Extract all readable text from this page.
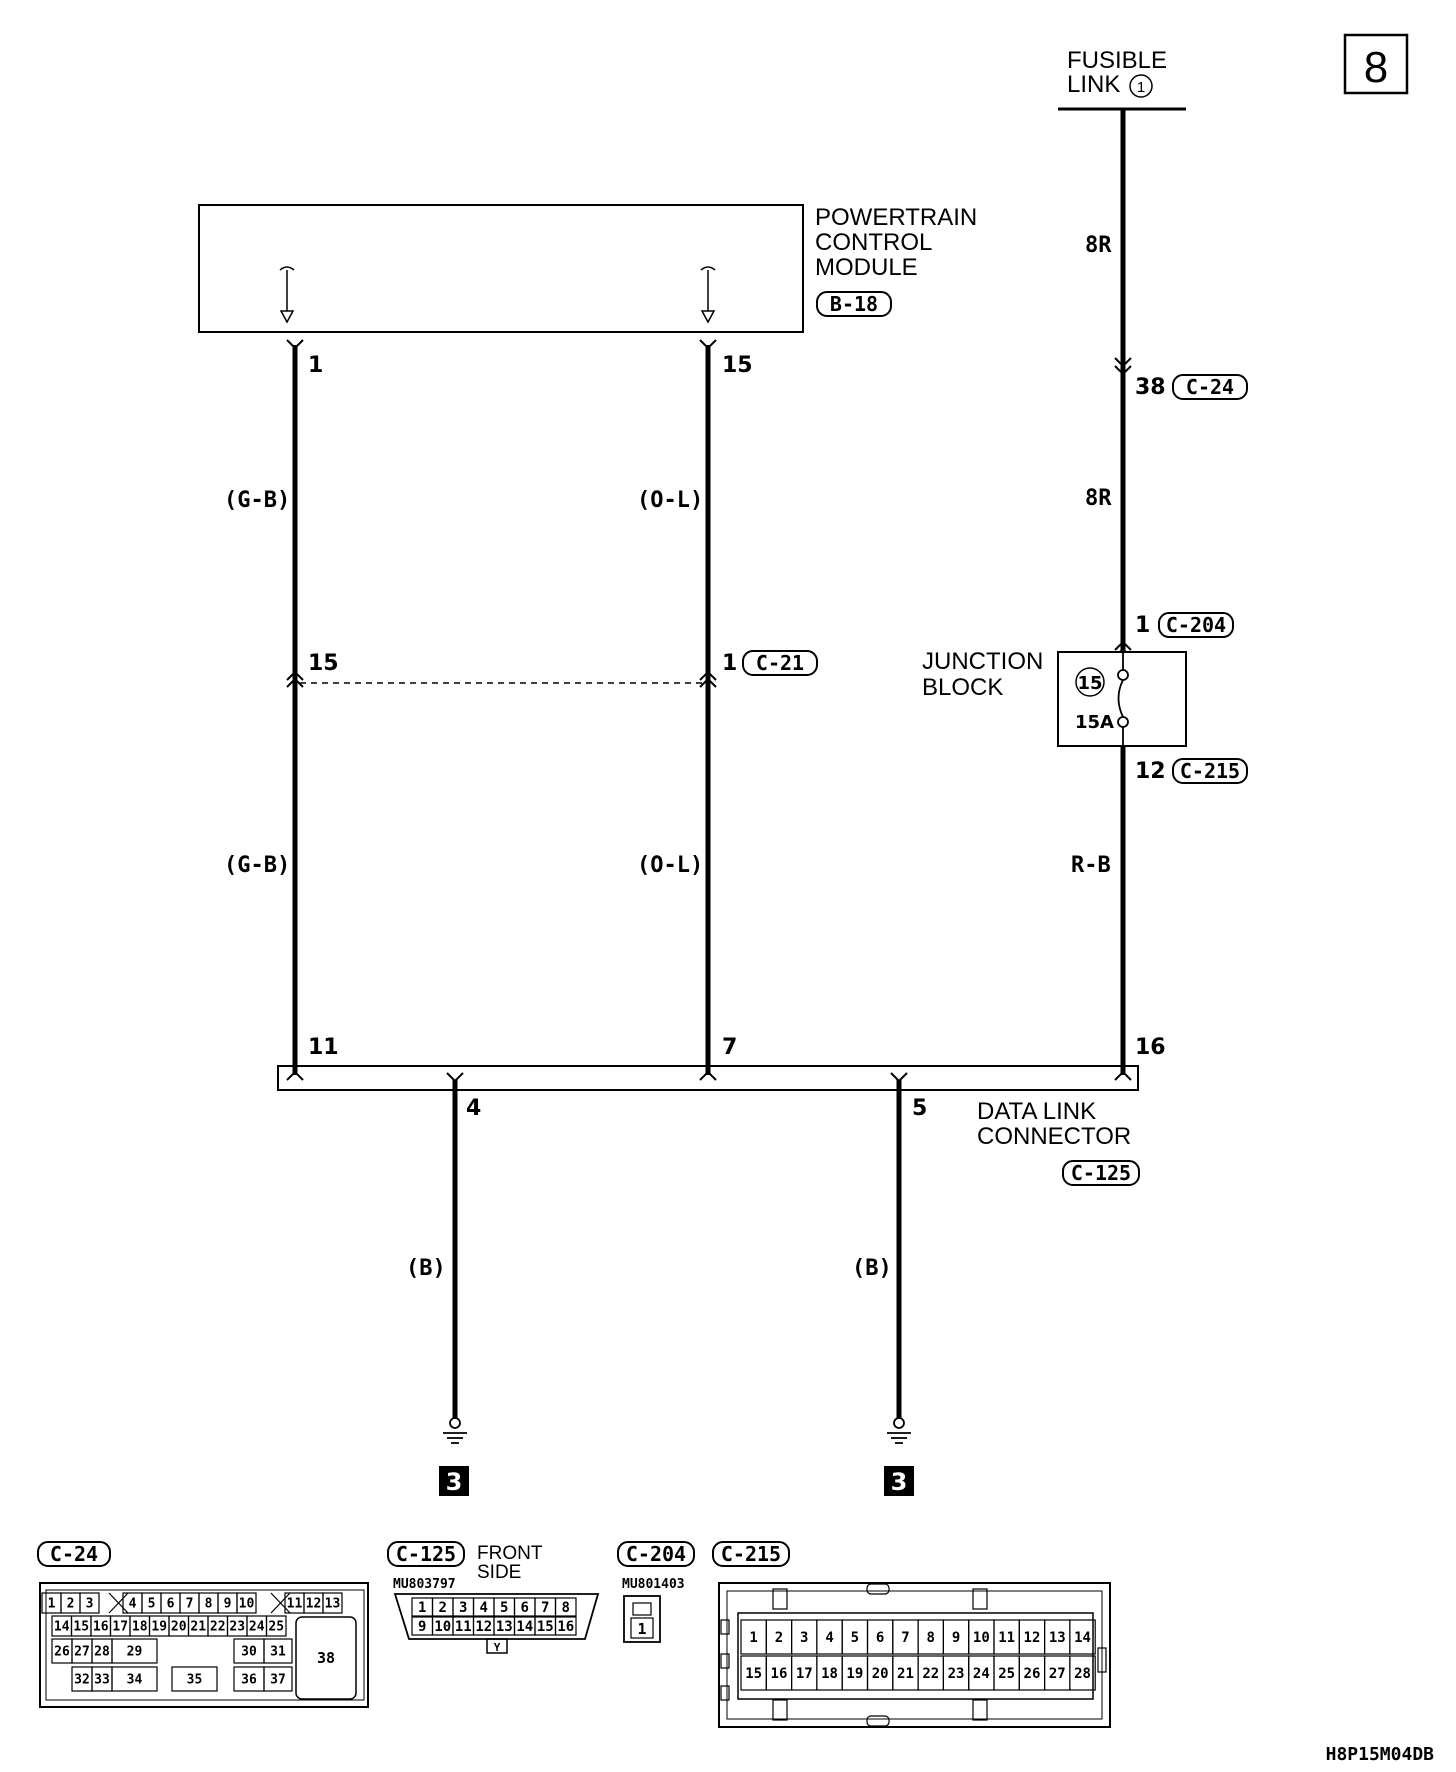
8
FUSIBLE
LINK 1
POWERTRAIN
CONTROL
MODULE
B-18
1	15
(G-B)
(G-B)
(O-L)
(O-L)
8R
8R
R-B
(B)	(B)
38 C-24
15	1 C-21
1 C-204
JUNCTION
BLOCK	15
15A
12 C-215
11	7	16
4	5 DATA LINK
CONNECTOR
C-125
3	3
C-24
1 2 3	4 5 6 7 8 9 10 11 12 13
14 15 16 17 18 19 20 21 22 23 24 25
26 27 28 29	30 31
32 33 34	35	36 37
38
C-125 FRONT
SIDE
MU803797
1 2 3 4 5 6 7 8
9 10 11 12 13 14 15 16
Y
C-204
MU801403
1
C-215
1 2 3 4 5 6 7 8 9 10 11 12 13 14
15 16 17 18 19 20 21 22 23 24 25 26 27 28
H8P15M04DB
